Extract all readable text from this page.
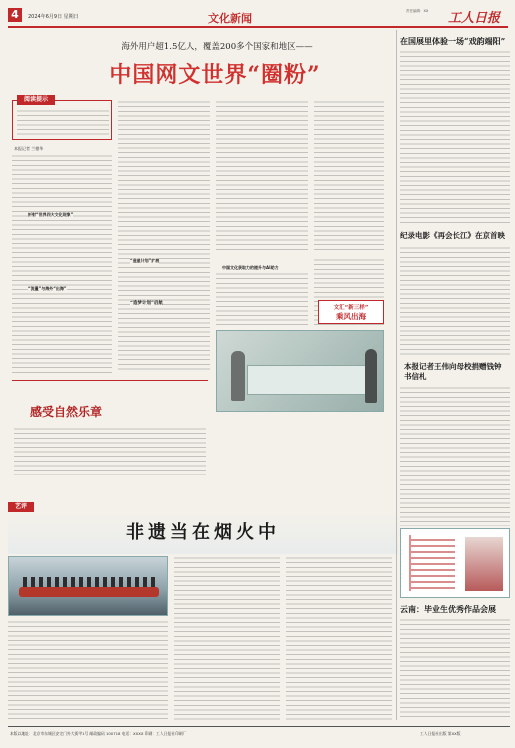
4	2024年6月9日 星期日	文化新闻
责任编辑：XX 工人日报
海外用户超1.5亿人，覆盖200多个国家和地区——
中国网文世界“圈粉”
阅读提示
本报记者 兰德华
折射“世界四大文化现象”
“流量”与海外“出海”
“造星计划”扩展
中国文化获取力的提升与AI助力
文汇“新三样”
乘风出海
“造梦计划”启航
感受自然乐章
艺评
非遗当在烟火中
在国展里体验一场“戏韵端阳”
纪录电影《再会长江》在京首映
本报记者王伟向母校捐赠钱钟书信札
云南：毕业生优秀作品会展
本版以地址：北京市东城区安定门外大街甲1号 邮政编码 100718 电话：XXXX 印刷：工人日报社印刷厂	工人日报社出版 第XX版
